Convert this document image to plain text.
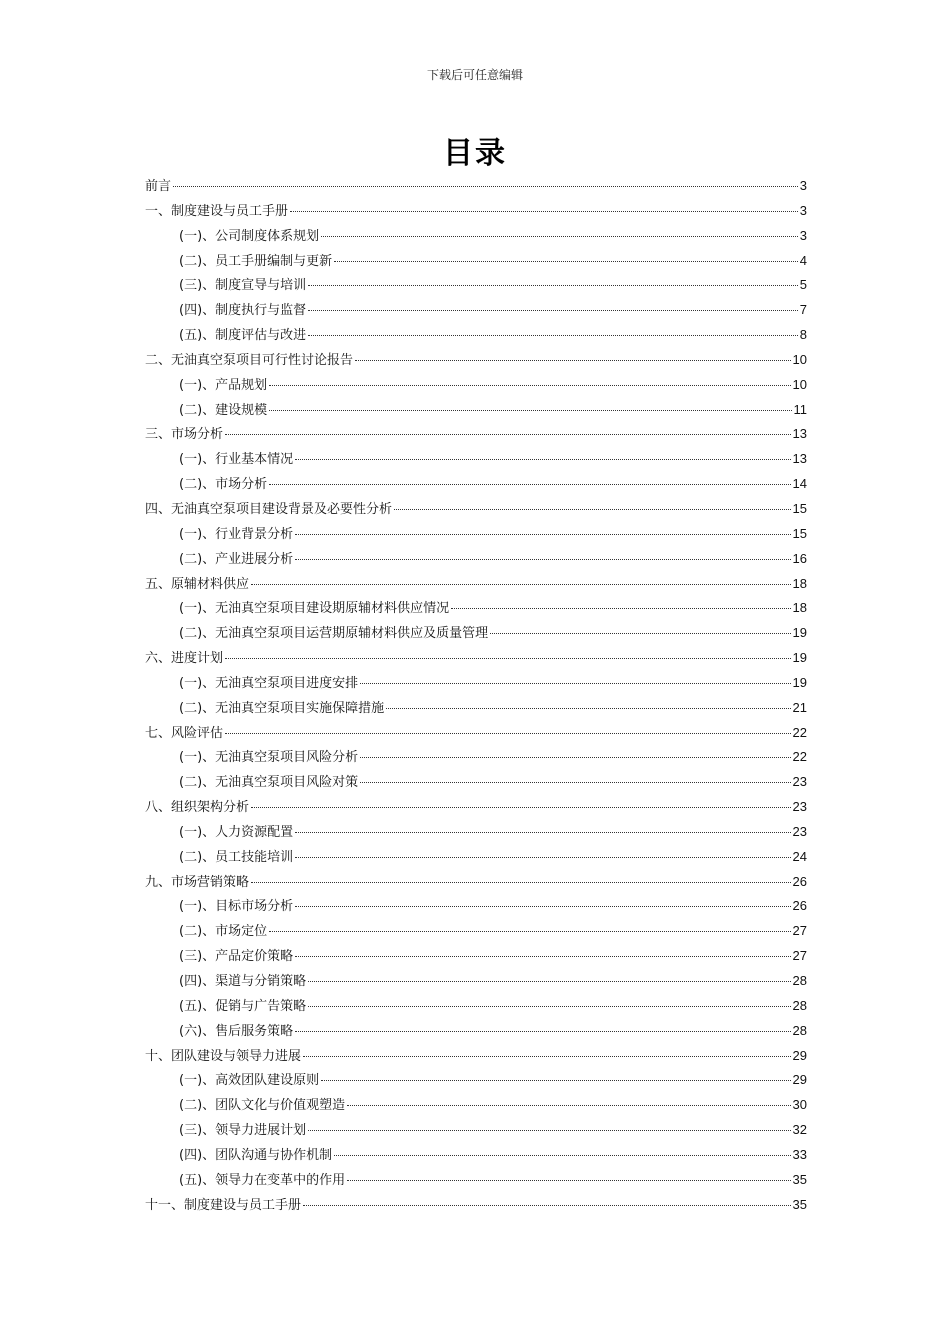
下载后可任意编辑
目录
前言	3
一、制度建设与员工手册	3
(一)、公司制度体系规划	3
(二)、员工手册编制与更新	4
(三)、制度宣导与培训	5
(四)、制度执行与监督	7
(五)、制度评估与改进	8
二、无油真空泵项目可行性讨论报告	10
(一)、产品规划	10
(二)、建设规模	11
三、市场分析	13
(一)、行业基本情况	13
(二)、市场分析	14
四、无油真空泵项目建设背景及必要性分析	15
(一)、行业背景分析	15
(二)、产业进展分析	16
五、原辅材料供应	18
(一)、无油真空泵项目建设期原辅材料供应情况	18
(二)、无油真空泵项目运营期原辅材料供应及质量管理	19
六、进度计划	19
(一)、无油真空泵项目进度安排	19
(二)、无油真空泵项目实施保障措施	21
七、风险评估	22
(一)、无油真空泵项目风险分析	22
(二)、无油真空泵项目风险对策	23
八、组织架构分析	23
(一)、人力资源配置	23
(二)、员工技能培训	24
九、市场营销策略	26
(一)、目标市场分析	26
(二)、市场定位	27
(三)、产品定价策略	27
(四)、渠道与分销策略	28
(五)、促销与广告策略	28
(六)、售后服务策略	28
十、团队建设与领导力进展	29
(一)、高效团队建设原则	29
(二)、团队文化与价值观塑造	30
(三)、领导力进展计划	32
(四)、团队沟通与协作机制	33
(五)、领导力在变革中的作用	35
十一、制度建设与员工手册	35
